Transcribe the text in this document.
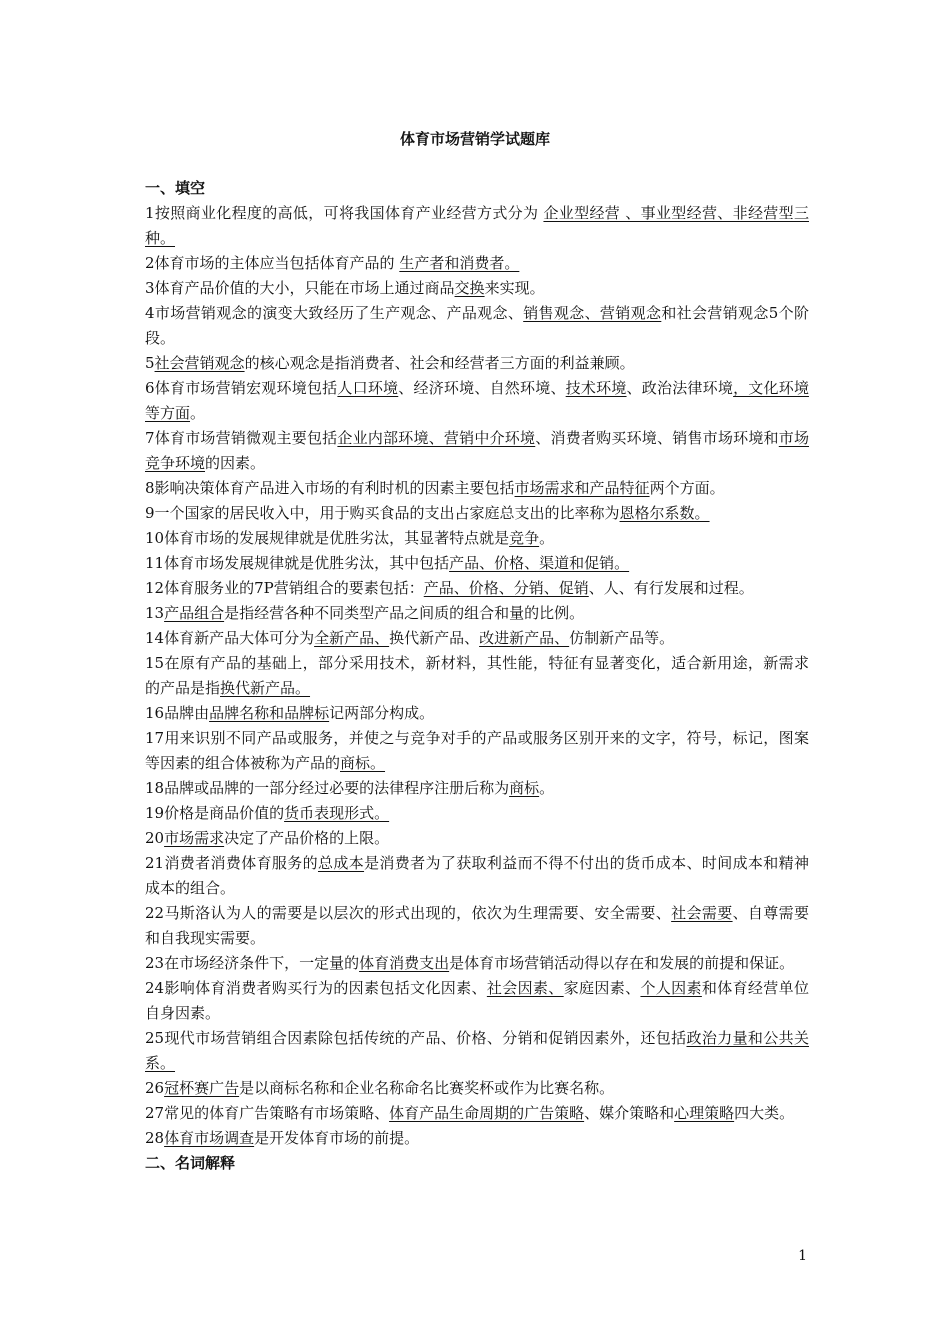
体育市场营销学试题库
一、填空

1按照商业化程度的高低，可将我国体育产业经营方式分为 企业型经营 、事业型经营、非经营型三种。

2体育市场的主体应当包括体育产品的 生产者和消费者。

3体育产品价值的大小，只能在市场上通过商品交换来实现。

4市场营销观念的演变大致经历了生产观念、产品观念、销售观念、营销观念和社会营销观念5个阶段。

5社会营销观念的核心观念是指消费者、社会和经营者三方面的利益兼顾。

6体育市场营销宏观环境包括人口环境、经济环境、自然环境、技术环境、政治法律环境，文化环境等方面。

7体育市场营销微观主要包括企业内部环境、营销中介环境、消费者购买环境、销售市场环境和市场竞争环境的因素。

8影响决策体育产品进入市场的有利时机的因素主要包括市场需求和产品特征两个方面。

9一个国家的居民收入中，用于购买食品的支出占家庭总支出的比率称为恩格尔系数。

10体育市场的发展规律就是优胜劣汰，其显著特点就是竞争。

11体育市场发展规律就是优胜劣汰，其中包括产品、价格、渠道和促销。

12体育服务业的7P营销组合的要素包括：产品、价格、分销、促销、人、有行发展和过程。

13产品组合是指经营各种不同类型产品之间质的组合和量的比例。

14体育新产品大体可分为全新产品、换代新产品、改进新产品、仿制新产品等。

15在原有产品的基础上，部分采用技术，新材料，其性能，特征有显著变化，适合新用途，新需求的产品是指换代新产品。

16品牌由品牌名称和品牌标记两部分构成。

17用来识别不同产品或服务，并使之与竞争对手的产品或服务区别开来的文字，符号，标记，图案等因素的组合体被称为产品的商标。

18品牌或品牌的一部分经过必要的法律程序注册后称为商标。

19价格是商品价值的货币表现形式。

20市场需求决定了产品价格的上限。

21消费者消费体育服务的总成本是消费者为了获取利益而不得不付出的货币成本、时间成本和精神成本的组合。

22马斯洛认为人的需要是以层次的形式出现的，依次为生理需要、安全需要、社会需要、自尊需要和自我现实需要。

23在市场经济条件下，一定量的体育消费支出是体育市场营销活动得以存在和发展的前提和保证。

24影响体育消费者购买行为的因素包括文化因素、社会因素、家庭因素、个人因素和体育经营单位自身因素。

25现代市场营销组合因素除包括传统的产品、价格、分销和促销因素外，还包括政治力量和公共关系。

26冠杯赛广告是以商标名称和企业名称命名比赛奖杯或作为比赛名称。

27常见的体育广告策略有市场策略、体育产品生命周期的广告策略、媒介策略和心理策略四大类。

28体育市场调查是开发体育市场的前提。

二、名词解释
1
